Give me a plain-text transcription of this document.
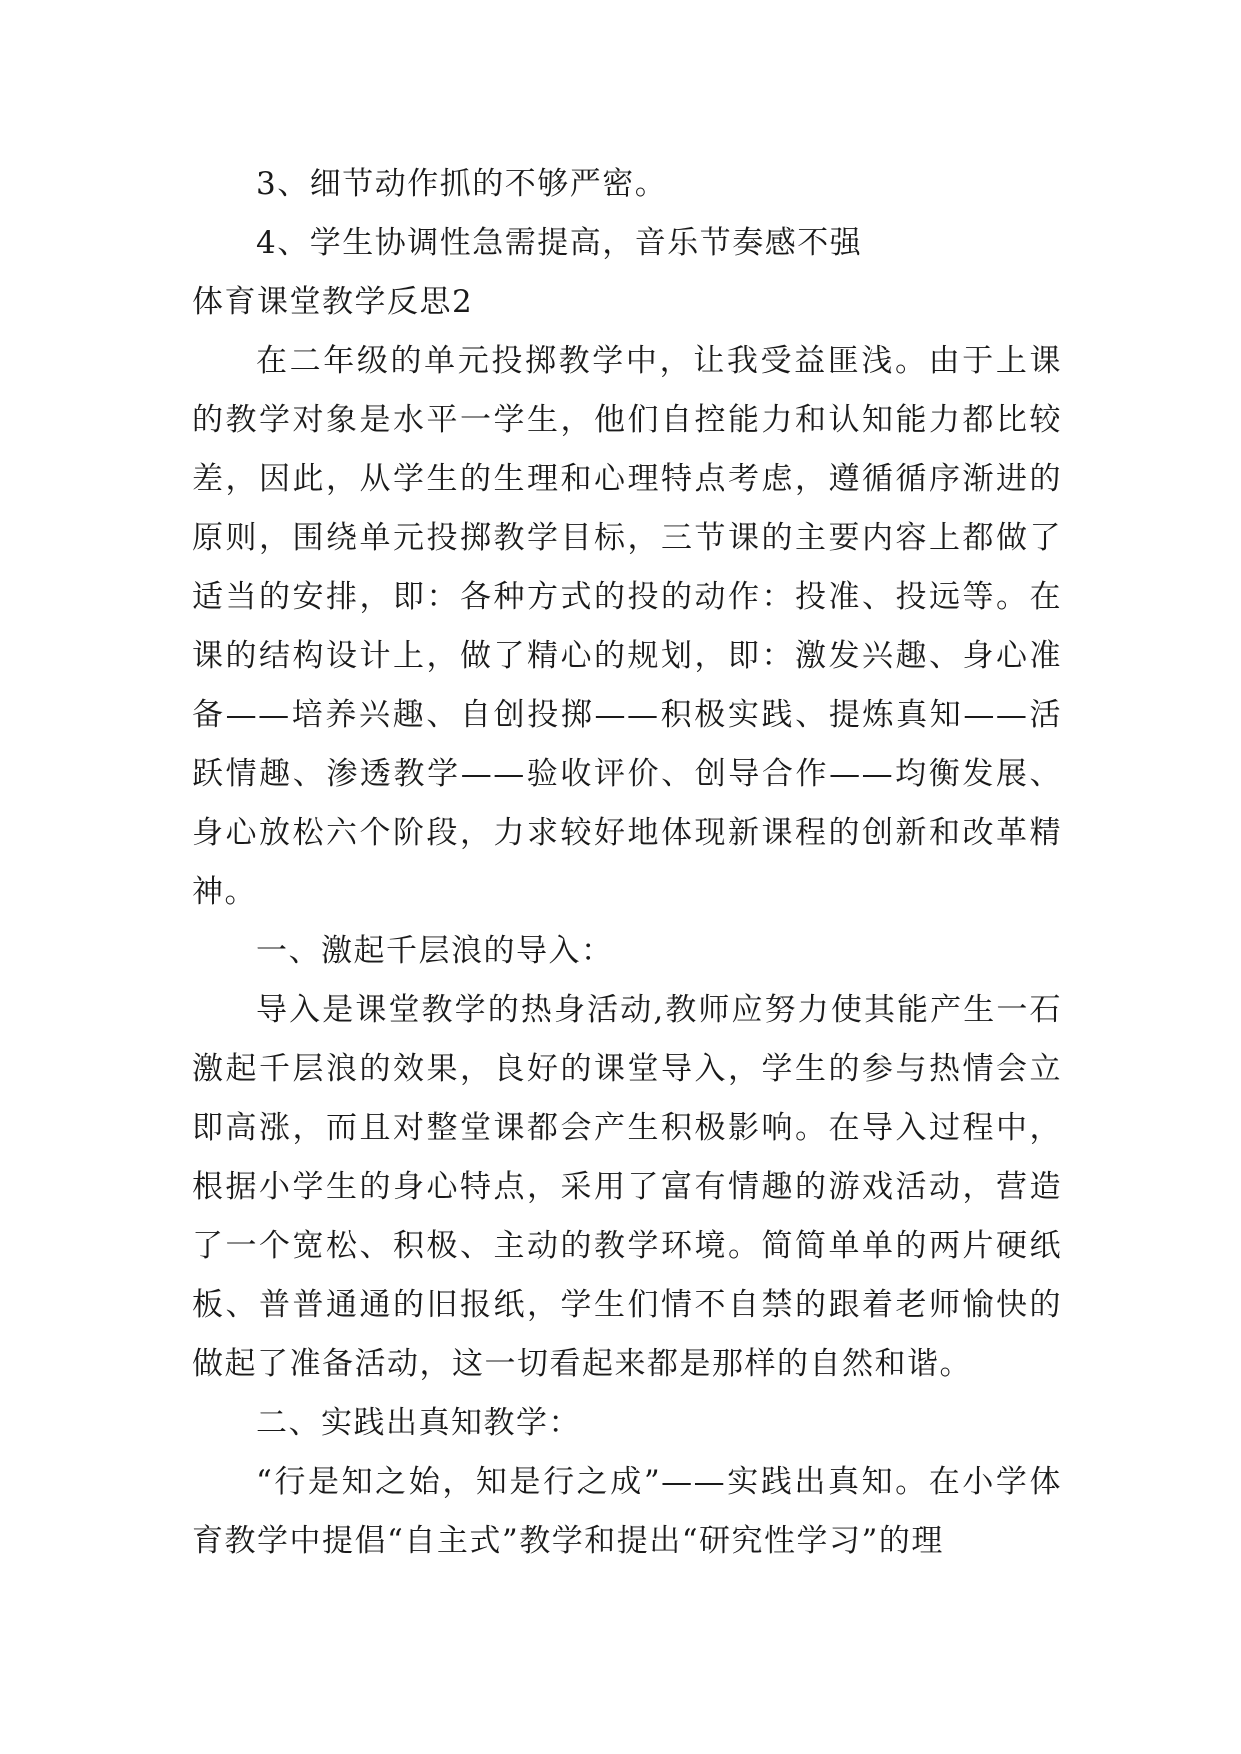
3、细节动作抓的不够严密。

4、学生协调性急需提高，音乐节奏感不强

体育课堂教学反思2

在二年级的单元投掷教学中，让我受益匪浅。由于上课的教学对象是水平一学生，他们自控能力和认知能力都比较差，因此，从学生的生理和心理特点考虑，遵循循序渐进的原则，围绕单元投掷教学目标，三节课的主要内容上都做了适当的安排，即：各种方式的投的动作：投准、投远等。在课的结构设计上，做了精心的规划，即：激发兴趣、身心准备——培养兴趣、自创投掷——积极实践、提炼真知——活跃情趣、渗透教学——验收评价、创导合作——均衡发展、身心放松六个阶段，力求较好地体现新课程的创新和改革精神。

一、激起千层浪的导入：

导入是课堂教学的热身活动,教师应努力使其能产生一石激起千层浪的效果，良好的课堂导入，学生的参与热情会立即高涨，而且对整堂课都会产生积极影响。在导入过程中，根据小学生的身心特点，采用了富有情趣的游戏活动，营造了一个宽松、积极、主动的教学环境。简简单单的两片硬纸板、普普通通的旧报纸，学生们情不自禁的跟着老师愉快的做起了准备活动，这一切看起来都是那样的自然和谐。

二、实践出真知教学：

“行是知之始，知是行之成”——实践出真知。在小学体育教学中提倡“自主式”教学和提出“研究性学习”的理
